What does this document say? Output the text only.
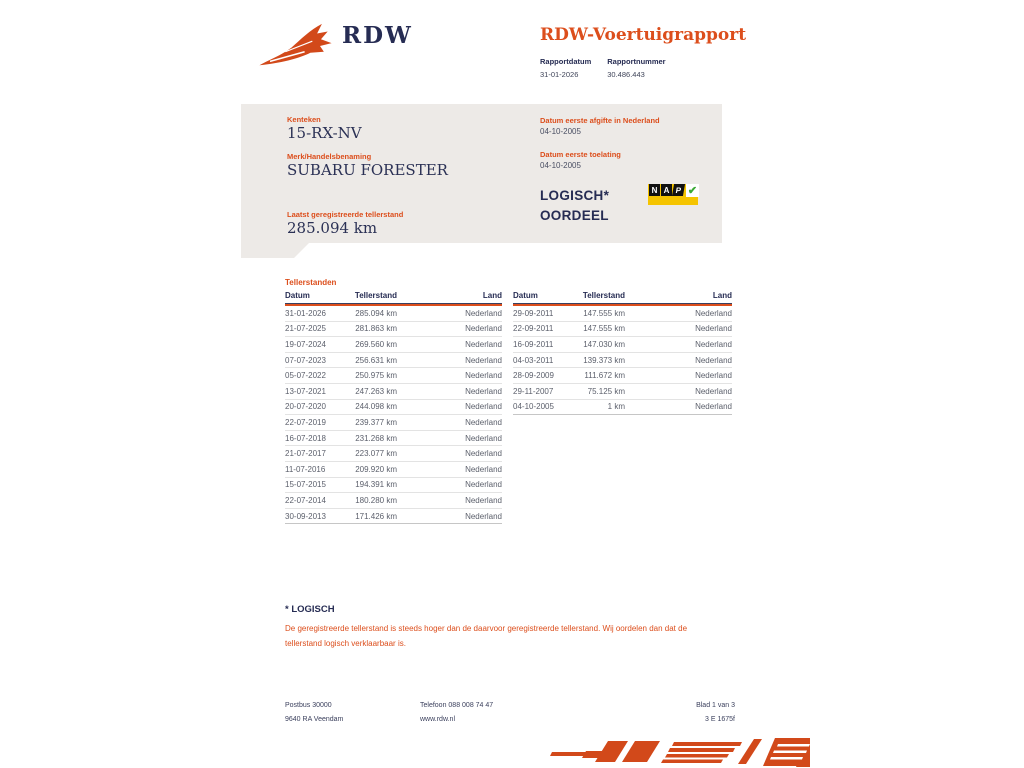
RDW	RDW-Voertuigrapport
Rapportdatum
31-01-2026
Rapportnummer
30.486.443
Kenteken
15-RX-NV
Merk/Handelsbenaming
SUBARU FORESTER
Laatst geregistreerde tellerstand
285.094 km
Datum eerste afgifte in Nederland
04-10-2005
Datum eerste toelating
04-10-2005
LOGISCH*
OORDEEL
N A P ✔
Tellerstanden
Datum	Tellerstand	Land
31-01-2026	285.094 km	Nederland
21-07-2025	281.863 km	Nederland
19-07-2024	269.560 km	Nederland
07-07-2023	256.631 km	Nederland
05-07-2022	250.975 km	Nederland
13-07-2021	247.263 km	Nederland
20-07-2020	244.098 km	Nederland
22-07-2019	239.377 km	Nederland
16-07-2018	231.268 km	Nederland
21-07-2017	223.077 km	Nederland
11-07-2016	209.920 km	Nederland
15-07-2015	194.391 km	Nederland
22-07-2014	180.280 km	Nederland
30-09-2013	171.426 km	Nederland
Datum	Tellerstand	Land
29-09-2011	147.555 km	Nederland
22-09-2011	147.555 km	Nederland
16-09-2011	147.030 km	Nederland
04-03-2011	139.373 km	Nederland
28-09-2009	111.672 km	Nederland
29-11-2007	75.125 km	Nederland
04-10-2005	1 km	Nederland
* LOGISCH
De geregistreerde tellerstand is steeds hoger dan de daarvoor geregistreerde tellerstand. Wij oordelen dan dat de tellerstand logisch verklaarbaar is.
Postbus 30000
9640 RA Veendam
Telefoon 088 008 74 47
www.rdw.nl
Blad 1 van 3
3 E 1675f
